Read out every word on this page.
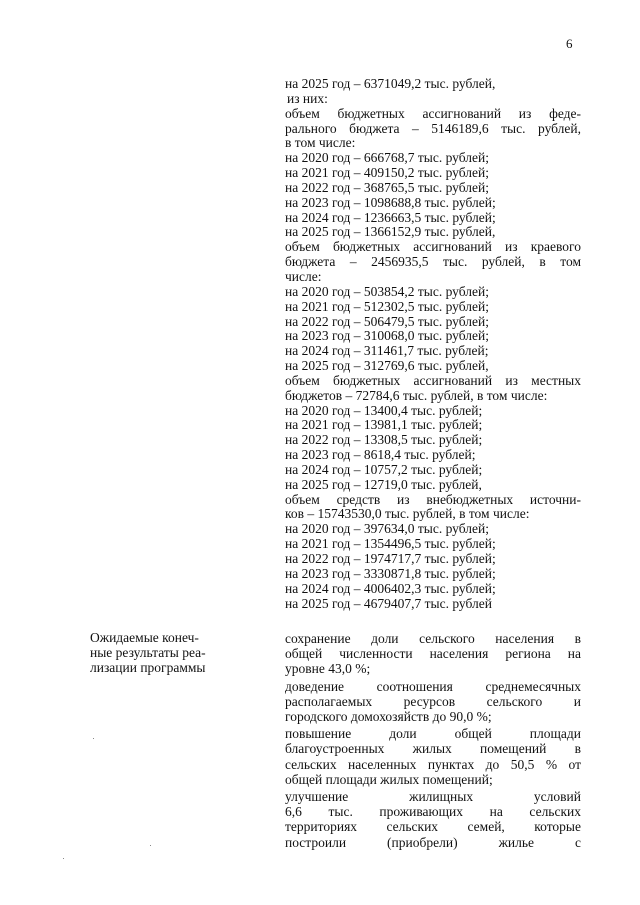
6
на 2025 год – 6371049,2 тыс. рублей,
из них:
объем бюджетных ассигнований из феде-
рального бюджета – 5146189,6 тыс. рублей,
в том числе:
на 2020 год – 666768,7 тыс. рублей;
на 2021 год – 409150,2 тыс. рублей;
на 2022 год – 368765,5 тыс. рублей;
на 2023 год – 1098688,8 тыс. рублей;
на 2024 год – 1236663,5 тыс. рублей;
на 2025 год – 1366152,9 тыс. рублей,
объем бюджетных ассигнований из краевого
бюджета – 2456935,5 тыс. рублей, в том
числе:
на 2020 год – 503854,2 тыс. рублей;
на 2021 год – 512302,5 тыс. рублей;
на 2022 год – 506479,5 тыс. рублей;
на 2023 год – 310068,0 тыс. рублей;
на 2024 год – 311461,7 тыс. рублей;
на 2025 год – 312769,6 тыс. рублей,
объем бюджетных ассигнований из местных
бюджетов – 72784,6 тыс. рублей, в том числе:
на 2020 год – 13400,4 тыс. рублей;
на 2021 год – 13981,1 тыс. рублей;
на 2022 год – 13308,5 тыс. рублей;
на 2023 год – 8618,4 тыс. рублей;
на 2024 год – 10757,2 тыс. рублей;
на 2025 год – 12719,0 тыс. рублей,
объем средств из внебюджетных источни-
ков – 15743530,0 тыс. рублей, в том числе:
на 2020 год – 397634,0 тыс. рублей;
на 2021 год – 1354496,5 тыс. рублей;
на 2022 год – 1974717,7 тыс. рублей;
на 2023 год – 3330871,8 тыс. рублей;
на 2024 год – 4006402,3 тыс. рублей;
на 2025 год – 4679407,7 тыс. рублей
Ожидаемые конеч-
ные результаты реа-
лизации программы
сохранение доли сельского населения в
общей численности населения региона на
уровне 43,0 %;
доведение соотношения среднемесячных
располагаемых ресурсов сельского и
городского домохозяйств до 90,0 %;
повышение доли общей площади
благоустроенных жилых помещений в
сельских населенных пунктах до 50,5 % от
общей площади жилых помещений;
улучшение жилищных условий
6,6 тыс. проживающих на сельских
территориях сельских семей, которые
построили (приобрели) жилье с
